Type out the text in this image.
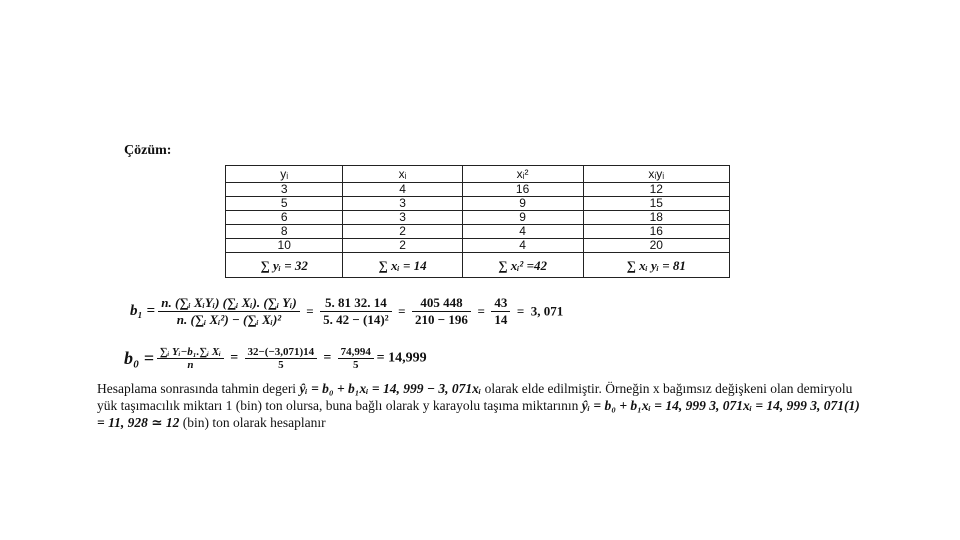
Çözüm:
yᵢ	xᵢ	xᵢ²	xᵢyᵢ
3	4	16	12
5	3	9	15
6	3	9	18
8	2	4	16
10	2	4	20
∑ yᵢ = 32	∑ xᵢ = 14	∑ xᵢ² =42	∑ xᵢ yᵢ = 81
$b_1 = \frac{\text{n. (∑ᵢ XᵢYᵢ) (∑ᵢ Xᵢ). (∑ᵢ Yᵢ)}}{\text{n. (∑ᵢ Xᵢ²) − (∑ᵢ Xᵢ)²}} = \frac{5. 81 32. 14}{\text{5. 42 − (14)²}} = \frac{405 448}{210 - 196} = \frac{43}{14} = 3$, 071
$b_0 = \frac{\text{∑ᵢ Yᵢ−b₁.∑ᵢ Xᵢ}}{n} = \frac{32-(-3,071)14}{5} = \frac{74,994}{5} = 14,999$
Hesaplama sonrasında tahmin degeri ŷᵢ = b₀ + b₁xᵢ = 14, 999 − 3, 071xᵢ olarak elde edilmiştir. Örneğin x bağımsız değişkeni olan demiryolu yük taşımacılık miktarı 1 (bin) ton olursa, buna bağlı olarak y karayolu taşıma miktarının ŷᵢ = b₀ + b₁xᵢ = 14, 999 3, 071xᵢ = 14, 999 3, 071(1) = 11, 928 ≃ 12 (bin) ton olarak hesaplanır
